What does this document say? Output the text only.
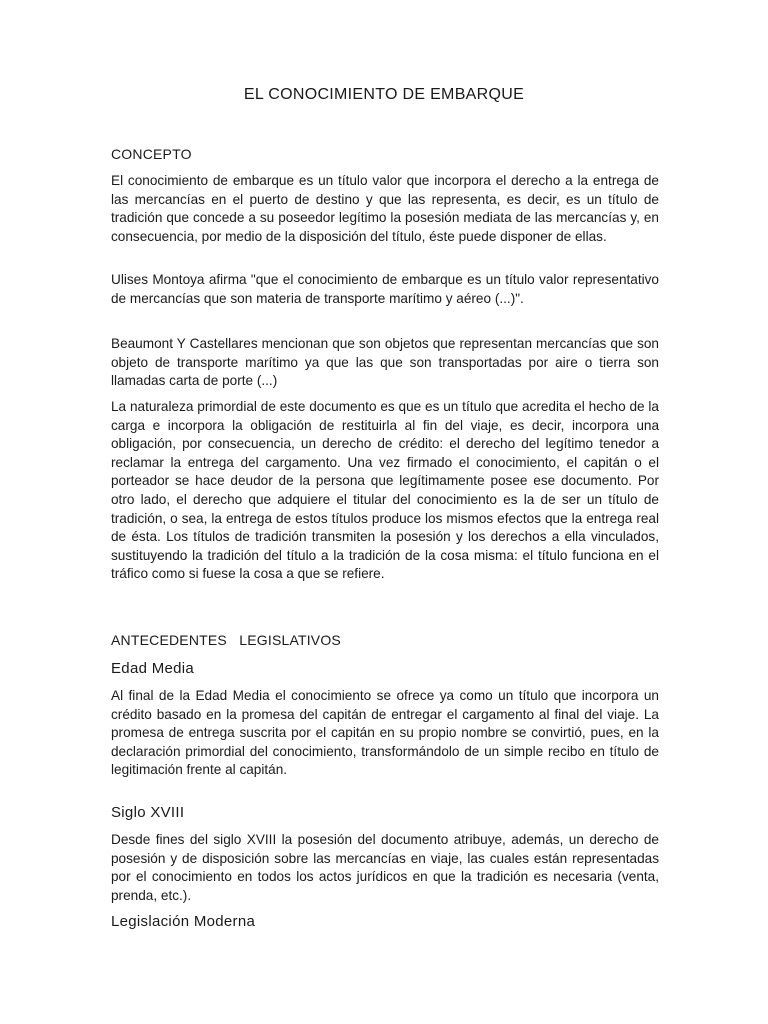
EL CONOCIMIENTO DE EMBARQUE
CONCEPTO

El conocimiento de embarque es un título valor que incorpora el derecho a la entrega de las mercancías en el puerto de destino y que las representa, es decir, es un título de tradición que concede a su poseedor legítimo la posesión mediata de las mercancías y, en consecuencia, por medio de la disposición del título, éste puede disponer de ellas.

Ulises Montoya afirma "que el conocimiento de embarque es un título valor representativo de mercancías que son materia de transporte marítimo y aéreo (...)".

Beaumont Y Castellares mencionan que son objetos que representan mercancías que son objeto de transporte marítimo ya que las que son transportadas por aire o tierra son llamadas carta de porte (...)

La naturaleza primordial de este documento es que es un título que acredita el hecho de la carga e incorpora la obligación de restituirla al fin del viaje, es decir, incorpora una obligación, por consecuencia, un derecho de crédito: el derecho del legítimo tenedor a reclamar la entrega del cargamento. Una vez firmado el conocimiento, el capitán o el porteador se hace deudor de la persona que legítimamente posee ese documento. Por otro lado, el derecho que adquiere el titular del conocimiento es la de ser un título de tradición, o sea, la entrega de estos títulos produce los mismos efectos que la entrega real de ésta. Los títulos de tradición transmiten la posesión y los derechos a ella vinculados, sustituyendo la tradición del título a la tradición de la cosa misma: el título funciona en el tráfico como si fuese la cosa a que se refiere.

ANTECEDENTES   LEGISLATIVOS
Edad Media

Al final de la Edad Media el conocimiento se ofrece ya como un título que incorpora un crédito basado en la promesa del capitán de entregar el cargamento al final del viaje. La promesa de entrega suscrita por el capitán en su propio nombre se convirtió, pues, en la declaración primordial del conocimiento, transformándolo de un simple recibo en título de legitimación frente al capitán.

Siglo XVIII

Desde fines del siglo XVIII la posesión del documento atribuye, además, un derecho de posesión y de disposición sobre las mercancías en viaje, las cuales están representadas por el conocimiento en todos los actos jurídicos en que la tradición es necesaria (venta, prenda, etc.).

Legislación Moderna
